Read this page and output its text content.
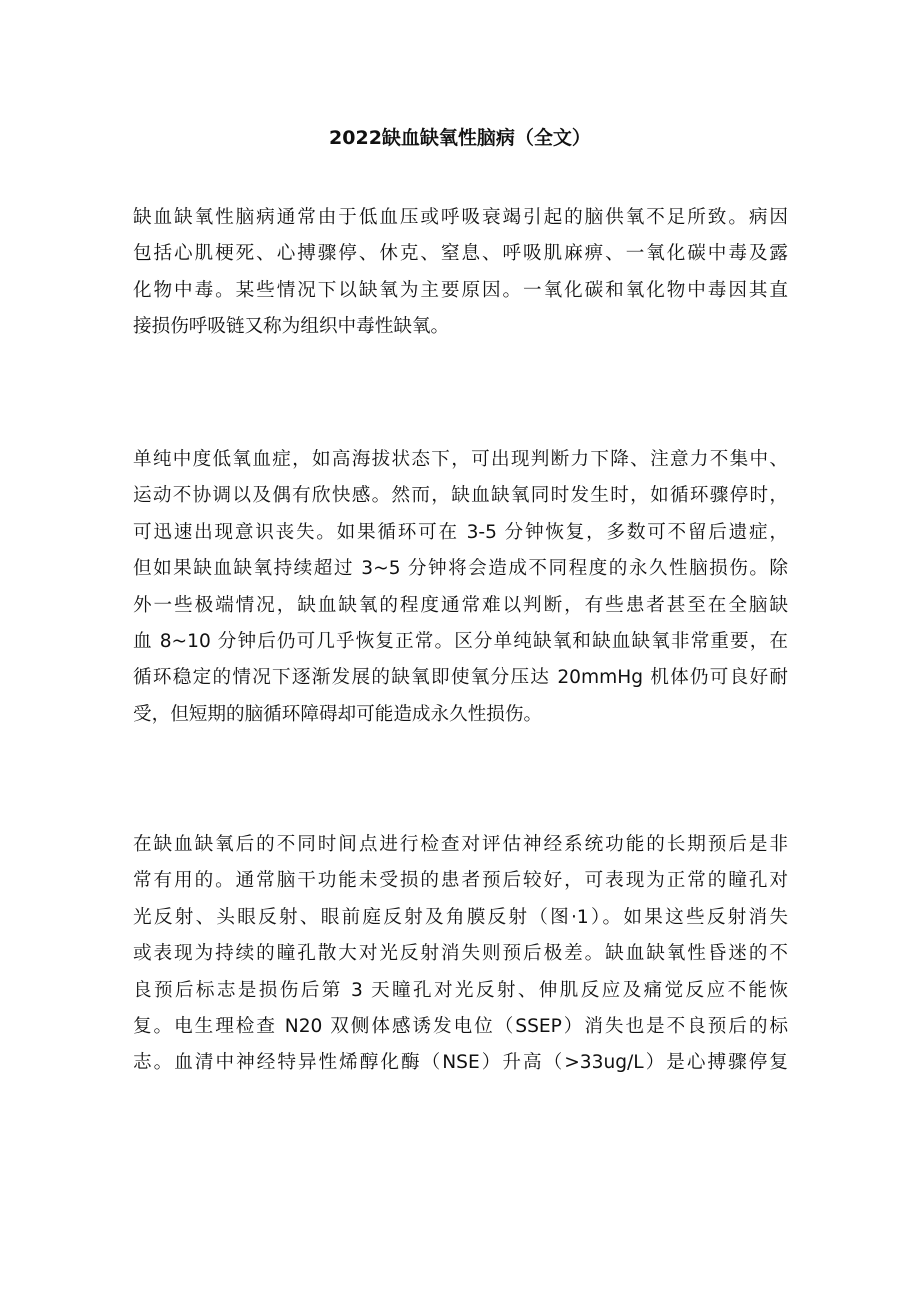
2022缺血缺氧性脑病（全文）
缺血缺氧性脑病通常由于低血压或呼吸衰竭引起的脑供氧不足所致。病因
包括心肌梗死、心搏骤停、休克、窒息、呼吸肌麻痹、一氧化碳中毒及露
化物中毒。某些情况下以缺氧为主要原因。一氧化碳和氧化物中毒因其直
接损伤呼吸链又称为组织中毒性缺氧。
单纯中度低氧血症，如高海拔状态下，可出现判断力下降、注意力不集中、
运动不协调以及偶有欣快感。然而，缺血缺氧同时发生时，如循环骤停时，
可迅速出现意识丧失。如果循环可在 3-5 分钟恢复，多数可不留后遗症，
但如果缺血缺氧持续超过 3~5 分钟将会造成不同程度的永久性脑损伤。除
外一些极端情况，缺血缺氧的程度通常难以判断，有些患者甚至在全脑缺
血 8~10 分钟后仍可几乎恢复正常。区分单纯缺氧和缺血缺氧非常重要，在
循环稳定的情况下逐渐发展的缺氧即使氧分压达 20mmHg 机体仍可良好耐
受，但短期的脑循环障碍却可能造成永久性损伤。
在缺血缺氧后的不同时间点进行检查对评估神经系统功能的长期预后是非
常有用的。通常脑干功能未受损的患者预后较好，可表现为正常的瞳孔对
光反射、头眼反射、眼前庭反射及角膜反射（图·1）。如果这些反射消失
或表现为持续的瞳孔散大对光反射消失则预后极差。缺血缺氧性昏迷的不
良预后标志是损伤后第 3 天瞳孔对光反射、伸肌反应及痛觉反应不能恢
复。电生理检查 N20 双侧体感诱发电位（SSEP）消失也是不良预后的标
志。血清中神经特异性烯醇化酶（NSE）升高（>33ug/L）是心搏骤停复
